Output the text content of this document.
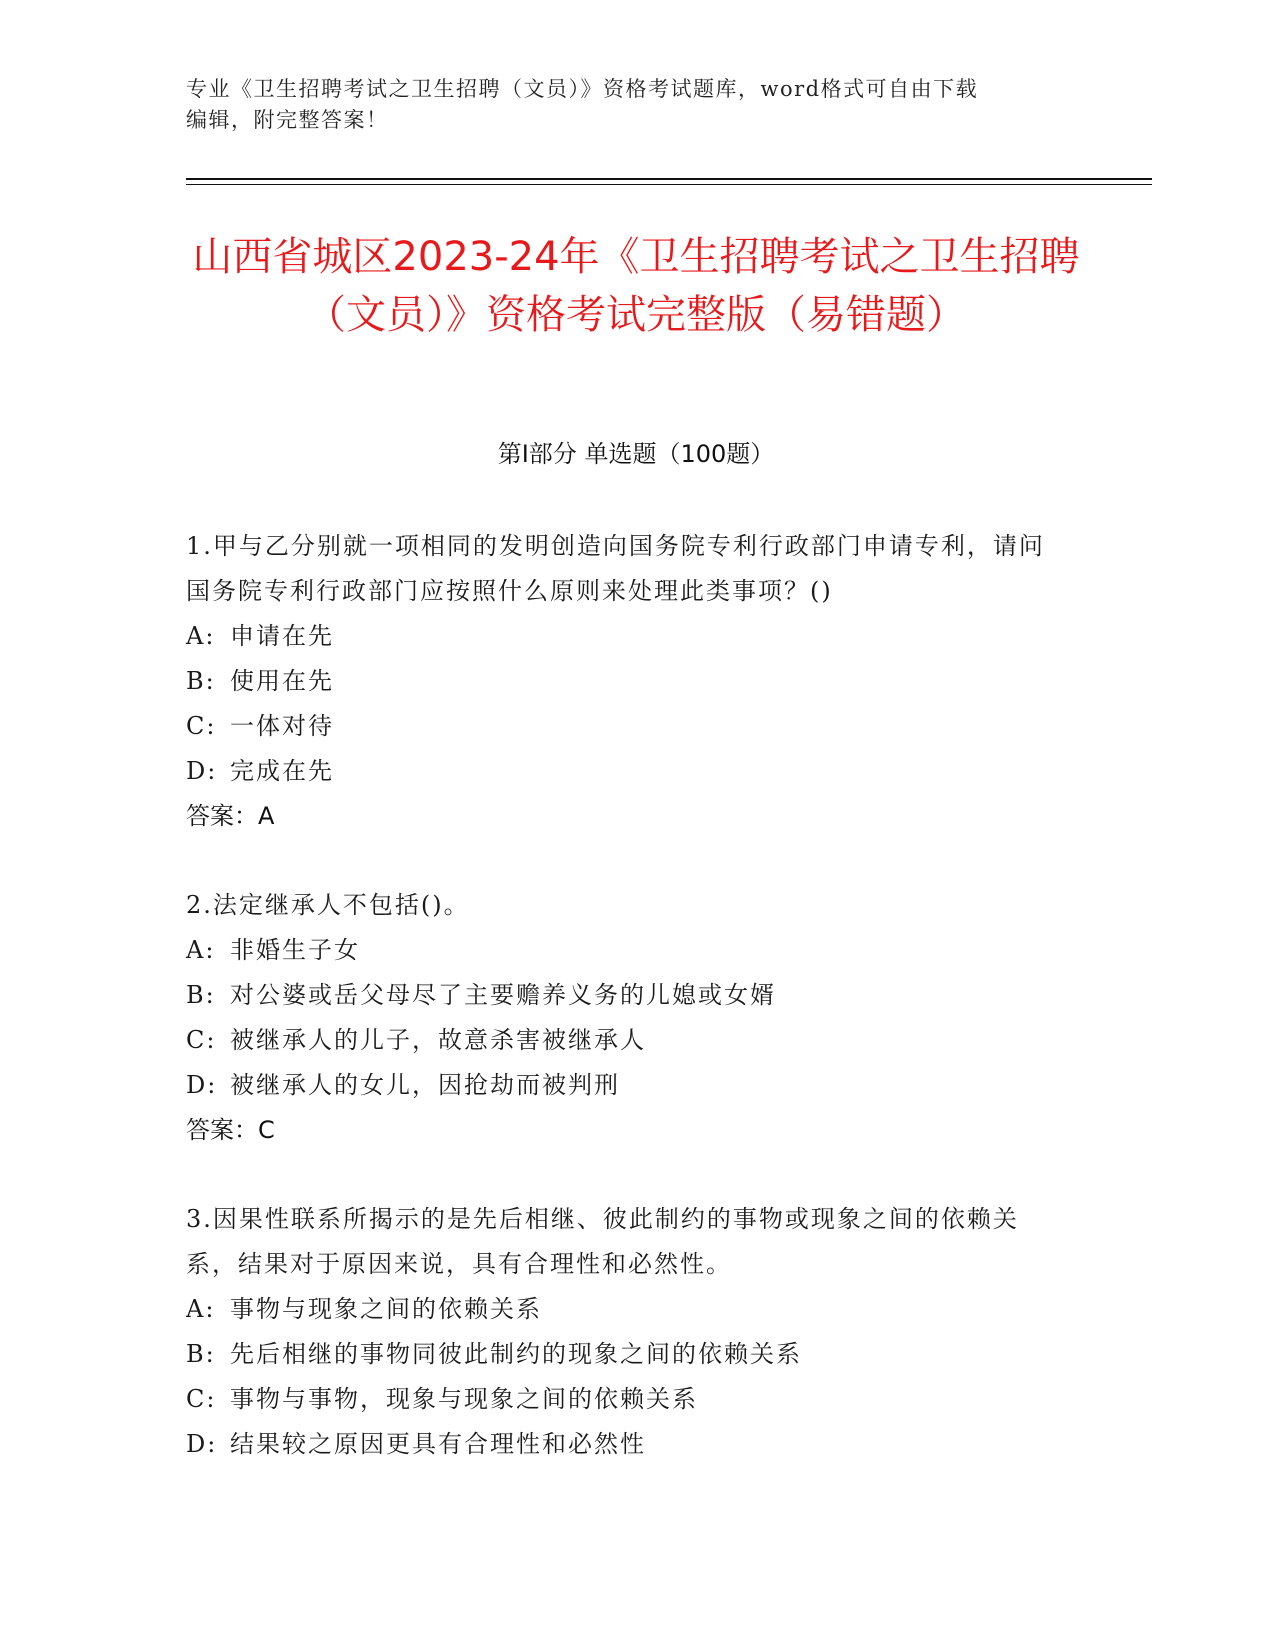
专业《卫生招聘考试之卫生招聘（文员）》资格考试题库，word格式可自由下载
编辑，附完整答案！
山西省城区2023-24年《卫生招聘考试之卫生招聘（文员）》资格考试完整版（易错题）
第I部分 单选题（100题）

1.甲与乙分别就一项相同的发明创造向国务院专利行政部门申请专利，请问国务院专利行政部门应按照什么原则来处理此类事项？()

A: 申请在先
B: 使用在先
C: 一体对待
D: 完成在先
答案：A

2.法定继承人不包括()。

A: 非婚生子女
B: 对公婆或岳父母尽了主要赡养义务的儿媳或女婿
C: 被继承人的儿子，故意杀害被继承人
D: 被继承人的女儿，因抢劫而被判刑
答案：C

3.因果性联系所揭示的是先后相继、彼此制约的事物或现象之间的依赖关系，结果对于原因来说，具有合理性和必然性。

A: 事物与现象之间的依赖关系
B: 先后相继的事物同彼此制约的现象之间的依赖关系
C: 事物与事物，现象与现象之间的依赖关系
D: 结果较之原因更具有合理性和必然性
